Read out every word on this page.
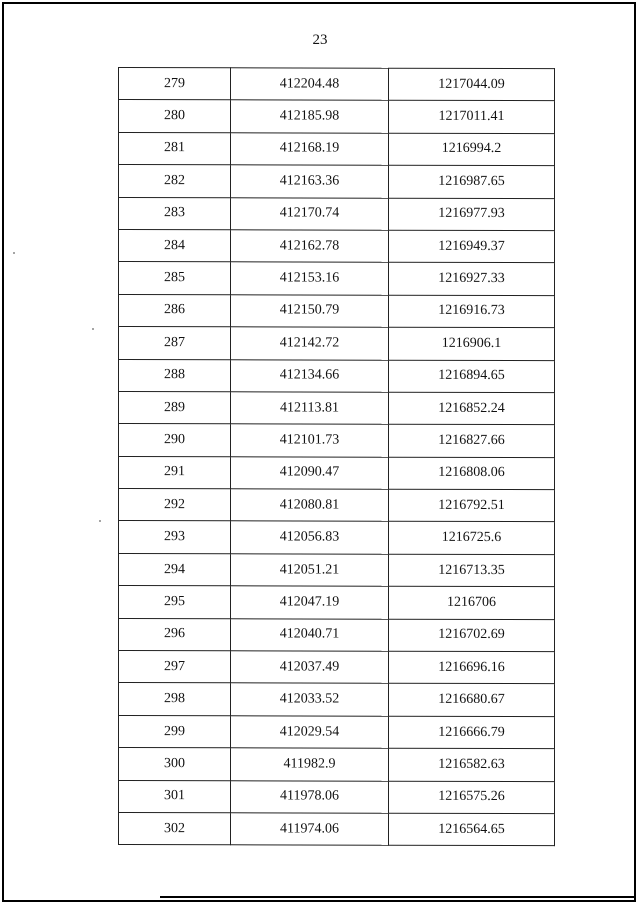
23
279	412204.48	1217044.09
280	412185.98	1217011.41
281	412168.19	1216994.2
282	412163.36	1216987.65
283	412170.74	1216977.93
284	412162.78	1216949.37
285	412153.16	1216927.33
286	412150.79	1216916.73
287	412142.72	1216906.1
288	412134.66	1216894.65
289	412113.81	1216852.24
290	412101.73	1216827.66
291	412090.47	1216808.06
292	412080.81	1216792.51
293	412056.83	1216725.6
294	412051.21	1216713.35
295	412047.19	1216706
296	412040.71	1216702.69
297	412037.49	1216696.16
298	412033.52	1216680.67
299	412029.54	1216666.79
300	411982.9	1216582.63
301	411978.06	1216575.26
302	411974.06	1216564.65
